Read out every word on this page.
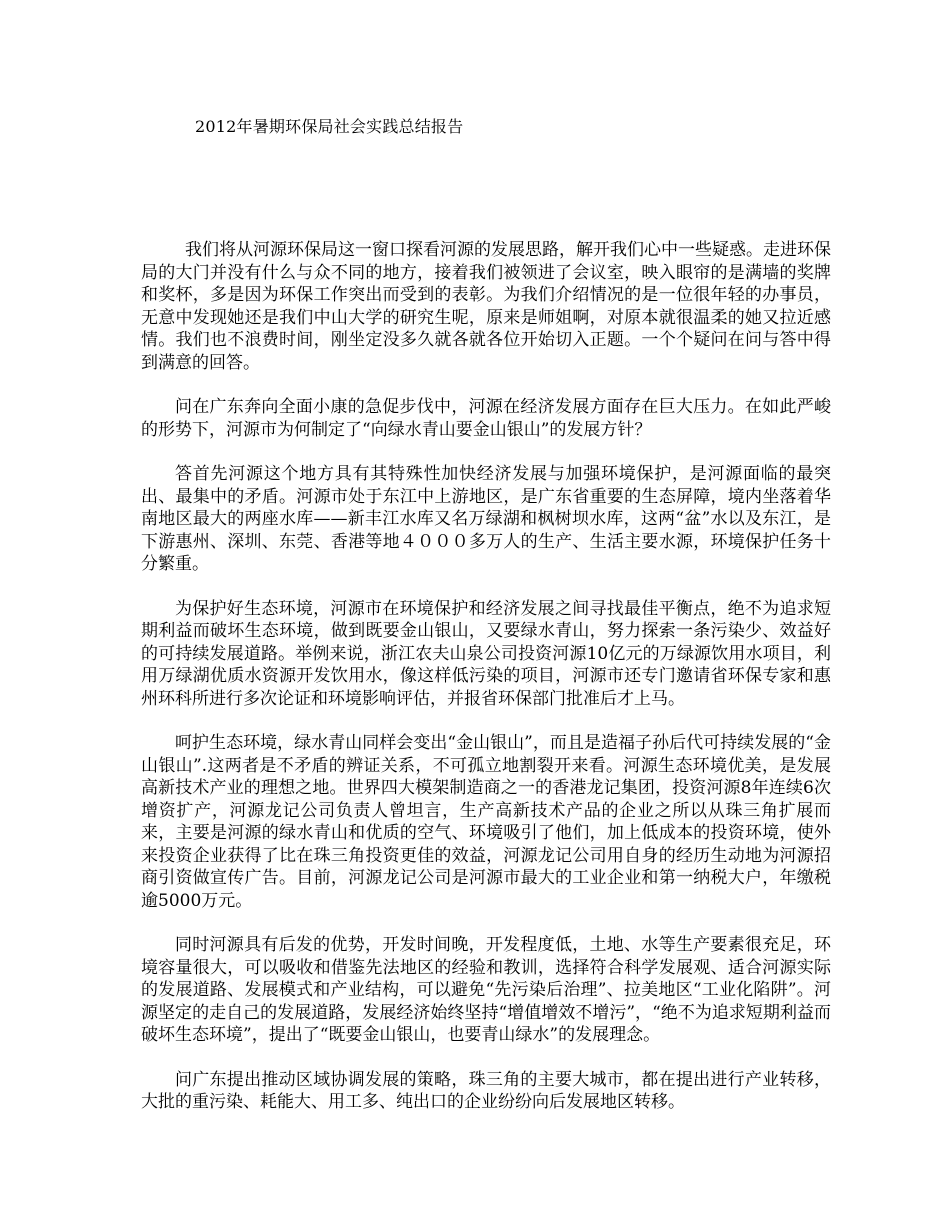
2012年暑期环保局社会实践总结报告

我们将从河源环保局这一窗口探看河源的发展思路，解开我们心中一些疑惑。走进环保局的大门并没有什么与众不同的地方，接着我们被领进了会议室，映入眼帘的是满墙的奖牌和奖杯，多是因为环保工作突出而受到的表彰。为我们介绍情况的是一位很年轻的办事员，无意中发现她还是我们中山大学的研究生呢，原来是师姐啊，对原本就很温柔的她又拉近感情。我们也不浪费时间，刚坐定没多久就各就各位开始切入正题。一个个疑问在问与答中得到满意的回答。

问在广东奔向全面小康的急促步伐中，河源在经济发展方面存在巨大压力。在如此严峻的形势下，河源市为何制定了“向绿水青山要金山银山”的发展方针？

答首先河源这个地方具有其特殊性加快经济发展与加强环境保护，是河源面临的最突出、最集中的矛盾。河源市处于东江中上游地区，是广东省重要的生态屏障，境内坐落着华南地区最大的两座水库——新丰江水库又名万绿湖和枫树坝水库，这两“盆”水以及东江，是下游惠州、深圳、东莞、香港等地４０００多万人的生产、生活主要水源，环境保护任务十分繁重。

为保护好生态环境，河源市在环境保护和经济发展之间寻找最佳平衡点，绝不为追求短期利益而破坏生态环境，做到既要金山银山，又要绿水青山，努力探索一条污染少、效益好的可持续发展道路。举例来说，浙江农夫山泉公司投资河源10亿元的万绿源饮用水项目，利用万绿湖优质水资源开发饮用水，像这样低污染的项目，河源市还专门邀请省环保专家和惠州环科所进行多次论证和环境影响评估，并报省环保部门批准后才上马。

呵护生态环境，绿水青山同样会变出“金山银山”，而且是造福子孙后代可持续发展的“金山银山”.这两者是不矛盾的辨证关系，不可孤立地割裂开来看。河源生态环境优美，是发展高新技术产业的理想之地。世界四大模架制造商之一的香港龙记集团，投资河源8年连续6次增资扩产，河源龙记公司负责人曾坦言，生产高新技术产品的企业之所以从珠三角扩展而来，主要是河源的绿水青山和优质的空气、环境吸引了他们，加上低成本的投资环境，使外来投资企业获得了比在珠三角投资更佳的效益，河源龙记公司用自身的经历生动地为河源招商引资做宣传广告。目前，河源龙记公司是河源市最大的工业企业和第一纳税大户，年缴税逾5000万元。

同时河源具有后发的优势，开发时间晚，开发程度低，土地、水等生产要素很充足，环境容量很大，可以吸收和借鉴先法地区的经验和教训，选择符合科学发展观、适合河源实际的发展道路、发展模式和产业结构，可以避免“先污染后治理”、拉美地区“工业化陷阱”。河源坚定的走自己的发展道路，发展经济始终坚持“增值增效不增污”，“绝不为追求短期利益而破坏生态环境”，提出了“既要金山银山，也要青山绿水”的发展理念。

问广东提出推动区域协调发展的策略，珠三角的主要大城市，都在提出进行产业转移，大批的重污染、耗能大、用工多、纯出口的企业纷纷向后发展地区转移。
